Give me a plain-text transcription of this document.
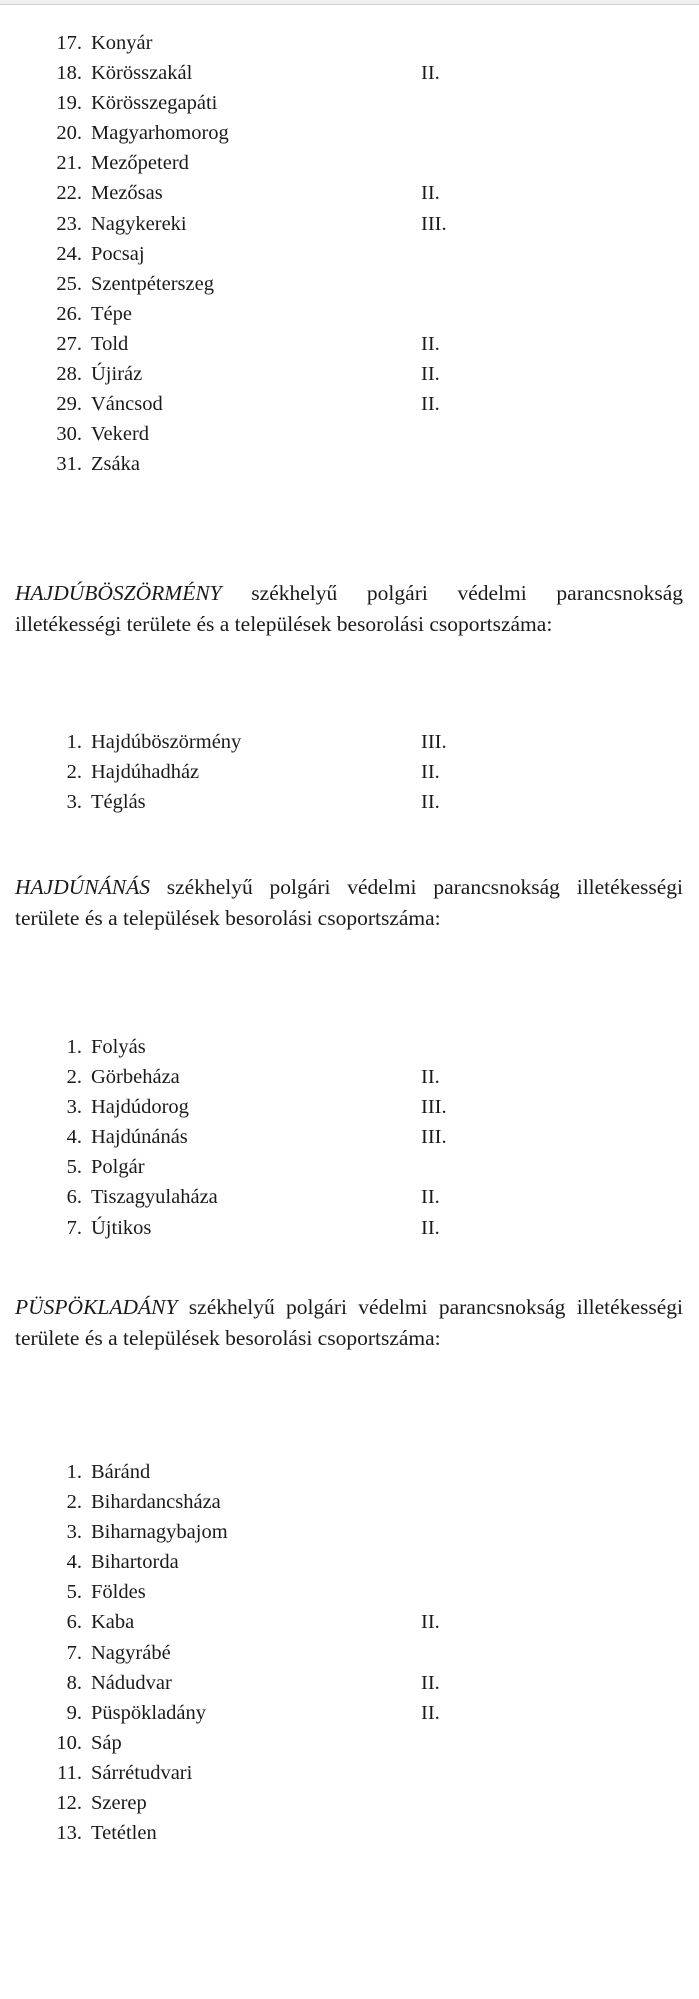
17. Konyár
18. Körösszakál	II.
19. Körösszegapáti
20. Magyarhomorog
21. Mezőpeterd
22. Mezősas	II.
23. Nagykereki	III.
24. Pocsaj
25. Szentpéterszeg
26. Tépe
27. Told	II.
28. Újiráz	II.
29. Váncsod	II.
30. Vekerd
31. Zsáka

HAJDÚBÖSZÖRMÉNY székhelyű polgári védelmi parancsnokság illetékességi területe és a települések besorolási csoportszáma:

1. Hajdúböszörmény	III.
2. Hajdúhadház	II.
3. Téglás	II.

HAJDÚNÁNÁS székhelyű polgári védelmi parancsnokság illetékességi területe és a települések besorolási csoportszáma:

1. Folyás
2. Görbeháza	II.
3. Hajdúdorog	III.
4. Hajdúnánás	III.
5. Polgár
6. Tiszagyulaháza	II.
7. Újtikos	II.

PÜSPÖKLADÁNY székhelyű polgári védelmi parancsnokság illetékességi területe és a települések besorolási csoportszáma:

1. Báránd
2. Bihardancsháza
3. Biharnagybajom
4. Bihartorda
5. Földes
6. Kaba	II.
7. Nagyrábé
8. Nádudvar	II.
9. Püspökladány	II.
10. Sáp
11. Sárrétudvari
12. Szerep
13. Tetétlen
